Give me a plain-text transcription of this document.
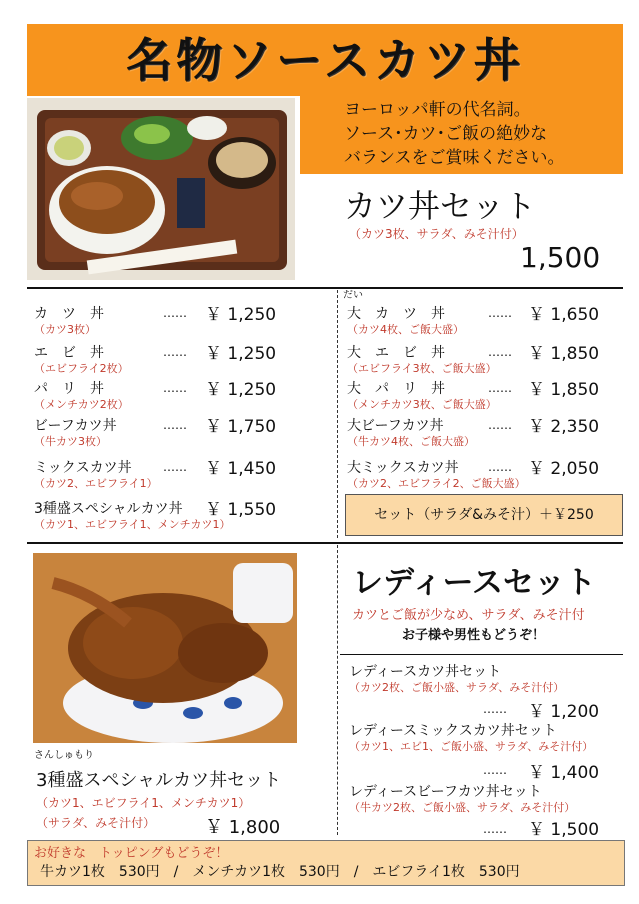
名物ソースカツ丼
ヨーロッパ軒の代名詞。
ソース･カツ･ご飯の絶妙な
バランスをご賞味ください。
カツ丼セット
（カツ3枚、サラダ、みそ汁付）
1,500
カ　ツ　丼
（カツ3枚）
…… ￥ 1,250
エ　ビ　丼
（エビフライ2枚）
…… ￥ 1,250
パ　リ　丼
（メンチカツ2枚）
…… ￥ 1,250
ビーフカツ丼
（牛カツ3枚）
…… ￥ 1,750
ミックスカツ丼
（カツ2、エビフライ1）
…… ￥ 1,450
3種盛スペシャルカツ丼
（カツ1、エビフライ1、メンチカツ1）
￥ 1,550
だい
大　カ　ツ　丼
（カツ4枚、ご飯大盛）
…… ￥ 1,650
大　エ　ビ　丼
（エビフライ3枚、ご飯大盛）
…… ￥ 1,850
大　パ　リ　丼
（メンチカツ3枚、ご飯大盛）
…… ￥ 1,850
大ビーフカツ丼
（牛カツ4枚、ご飯大盛）
…… ￥ 2,350
大ミックスカツ丼
（カツ2、エビフライ2、ご飯大盛）
…… ￥ 2,050
セット（サラダ&みそ汁）＋￥250
さんしゅもり
3種盛スペシャルカツ丼セット
（カツ1、エビフライ1、メンチカツ1）
（サラダ、みそ汁付）	￥ 1,800
レディースセット
カツとご飯が少なめ、サラダ、みそ汁付
お子様や男性もどうぞ！
レディースカツ丼セット
（カツ2枚、ご飯小盛、サラダ、みそ汁付）
…… ￥ 1,200
レディースミックスカツ丼セット
（カツ1、エビ1、ご飯小盛、サラダ、みそ汁付）
…… ￥ 1,400
レディースビーフカツ丼セット
（牛カツ2枚、ご飯小盛、サラダ、みそ汁付）
…… ￥ 1,500
お好きな　トッピングもどうぞ！
牛カツ1枚　530円　/　メンチカツ1枚　530円　/　エビフライ1枚　530円
